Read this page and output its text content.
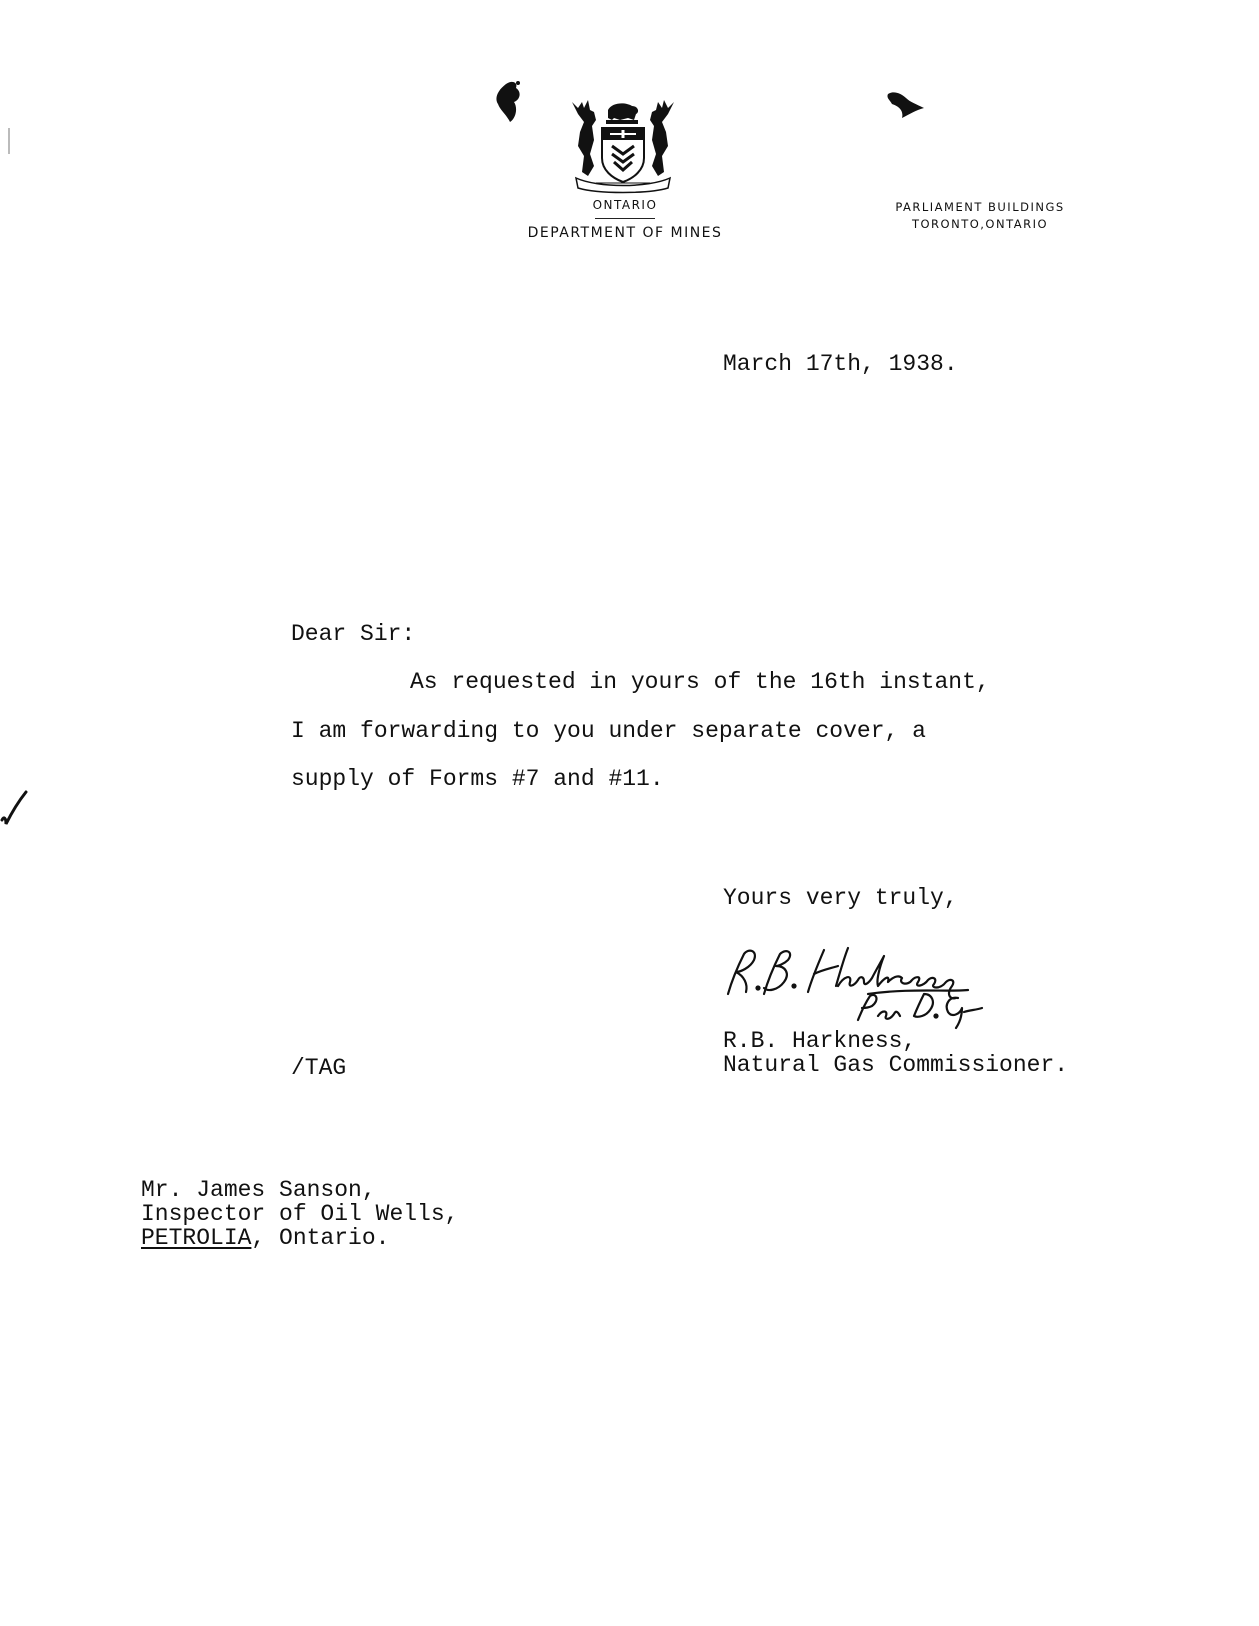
ONTARIO
DEPARTMENT OF MINES
PARLIAMENT BUILDINGS
TORONTO,ONTARIO
March 17th, 1938.
Dear Sir:
As requested in yours of the 16th instant,
I am forwarding to you under separate cover, a
supply of Forms #7 and #11.
Yours very truly,
R.B. Harkness,
Natural Gas Commissioner.
/TAG
Mr. James Sanson,
Inspector of Oil Wells,
PETROLIA, Ontario.
